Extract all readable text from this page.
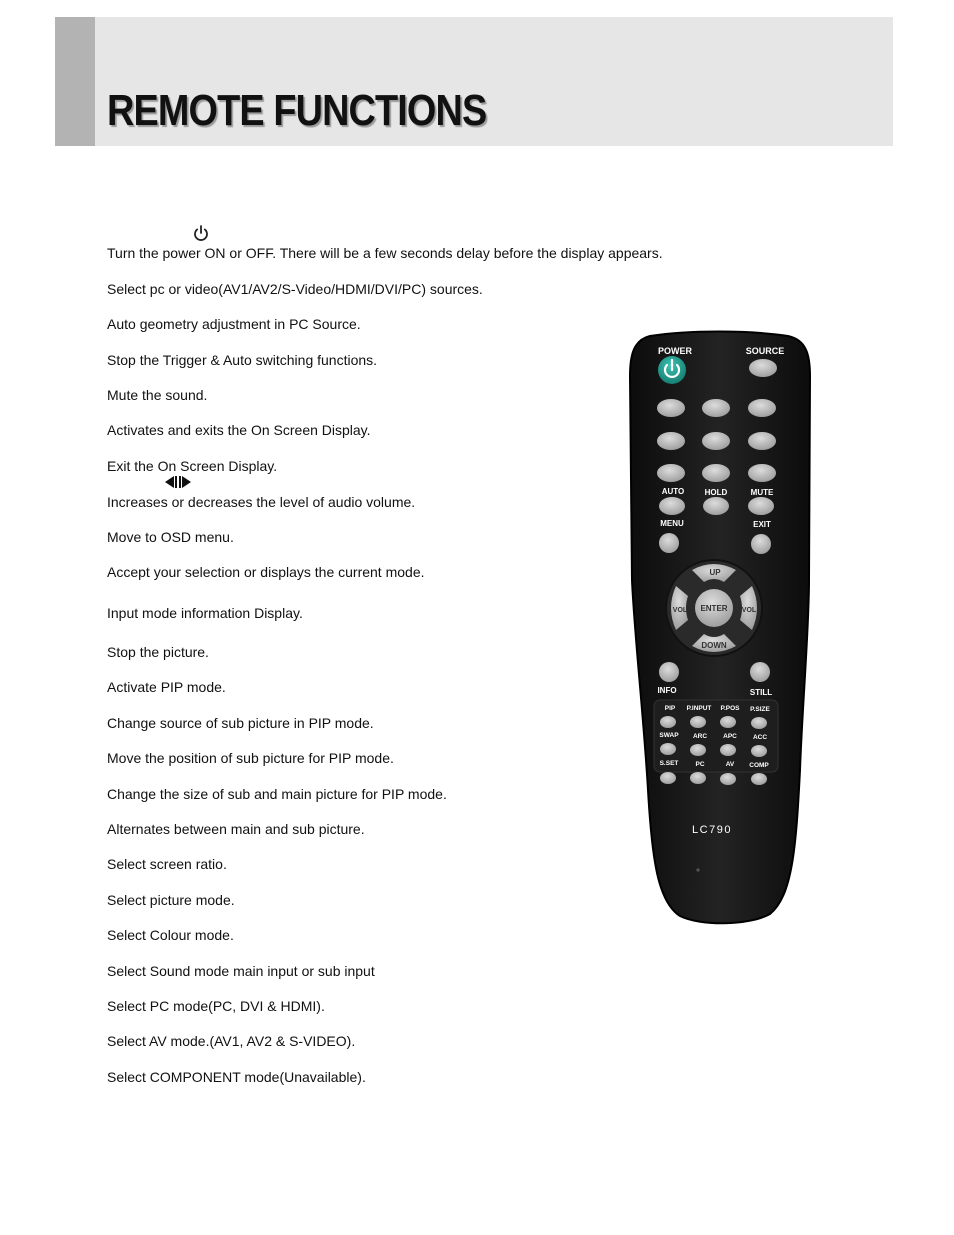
REMOTE FUNCTIONS
Turn the power ON or OFF. There will be a few seconds delay before the display appears.
Select pc or video(AV1/AV2/S-Video/HDMI/DVI/PC) sources.
Auto geometry adjustment in PC Source.
Stop the Trigger & Auto switching functions.
Mute the sound.
Activates and exits the On Screen Display.
Exit the On Screen Display.
Increases or decreases the level of audio volume.
Move to OSD menu.
Accept your selection or displays the current mode.
Input mode information Display.
Stop the picture.
Activate PIP mode.
Change source of sub picture in PIP mode.
Move the position of sub picture for PIP mode.
Change the size of sub and main picture for PIP mode.
Alternates between main and sub picture.
Select screen ratio.
Select picture mode.
Select Colour mode.
Select Sound mode main input or sub input
Select PC mode(PC, DVI & HDMI).
Select AV mode.(AV1, AV2 & S-VIDEO).
Select COMPONENT mode(Unavailable).
POWER	SOURCE
AUTO	HOLD	MUTE
MENU	EXIT
UP
DOWN
ENTER
VOL	VOL
INFO	STILL
PIP P.INPUT P.POS P.SIZE
SWAP ARC APC ACC
S.SET	PC	AV COMP
LC790
